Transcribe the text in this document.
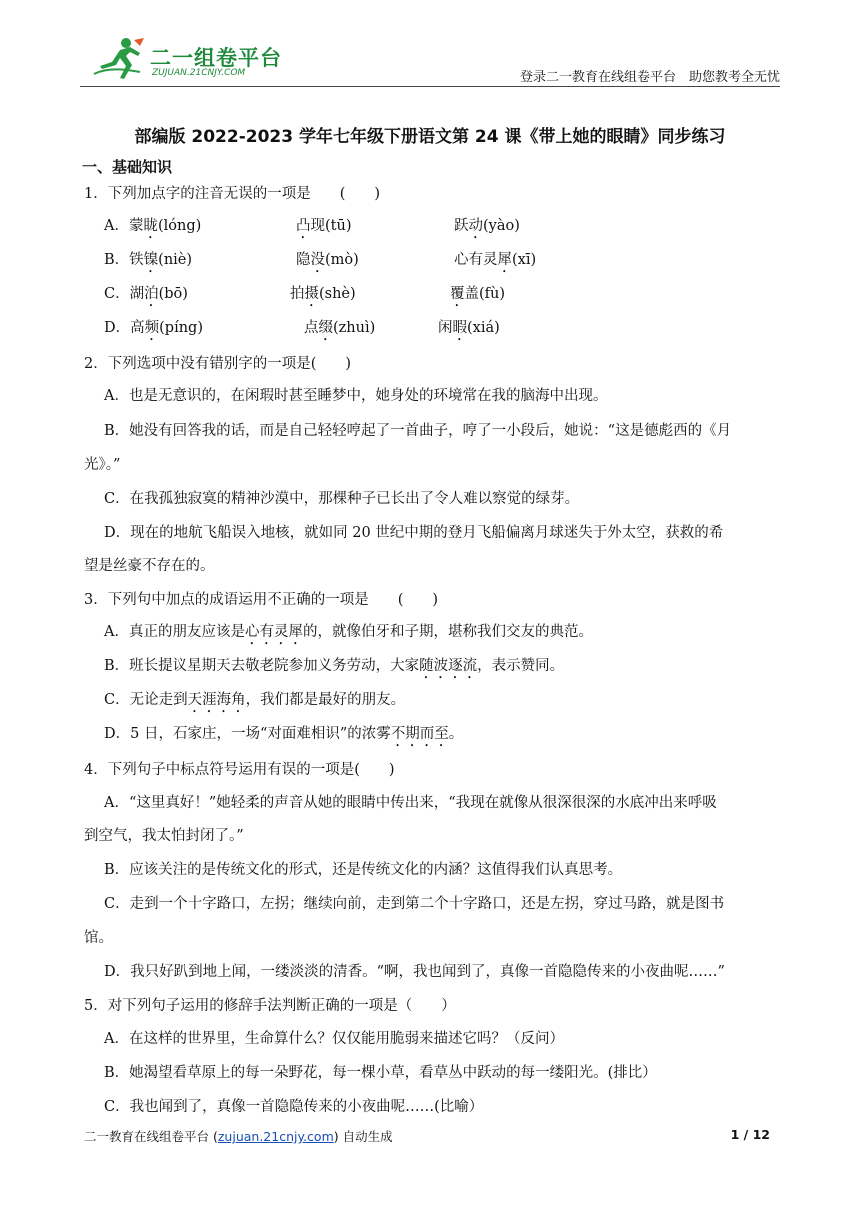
二一组卷平台
ZUJUAN.21CNJY.COM	登录二一教育在线组卷平台　助您教考全无忧
部编版 2022-2023 学年七年级下册语文第 24 课《带上她的眼睛》同步练习
一、基础知识
1．下列加点字的注音无误的一项是　　(　　)
A．蒙眬(lóng)	凸现(tū)	跃动(yào)
B．铁镍(niè)	隐没(mò)	心有灵犀(xī)
C．湖泊(bō)	拍摄(shè)	覆盖(fù)
D．高频(píng)	点缀(zhuì)	闲暇(xiá)
2．下列选项中没有错别字的一项是(　　)
A．也是无意识的，在闲瑕时甚至睡梦中，她身处的环境常在我的脑海中出现。
B．她没有回答我的话，而是自己轻轻哼起了一首曲子，哼了一小段后，她说：“这是德彪西的《月
光》。”
C．在我孤独寂寞的精神沙漠中，那棵种子已长出了令人难以察觉的绿芽。
D．现在的地航飞船误入地核，就如同 20 世纪中期的登月飞船偏离月球迷失于外太空，获救的希
望是丝豪不存在的。
3．下列句中加点的成语运用不正确的一项是　　(　　)
A．真正的朋友应该是心有灵犀的，就像伯牙和子期，堪称我们交友的典范。
B．班长提议星期天去敬老院参加义务劳动，大家随波逐流，表示赞同。
C．无论走到天涯海角，我们都是最好的朋友。
D．5 日，石家庄，一场“对面难相识”的浓雾不期而至。
4．下列句子中标点符号运用有误的一项是(　　)
A．“这里真好！”她轻柔的声音从她的眼睛中传出来，“我现在就像从很深很深的水底冲出来呼吸
到空气，我太怕封闭了。”
B．应该关注的是传统文化的形式，还是传统文化的内涵？这值得我们认真思考。
C．走到一个十字路口，左拐；继续向前，走到第二个十字路口，还是左拐，穿过马路，就是图书
馆。
D．我只好趴到地上闻，一缕淡淡的清香。“啊，我也闻到了，真像一首隐隐传来的小夜曲呢……”
5．对下列句子运用的修辞手法判断正确的一项是（　　）
A．在这样的世界里，生命算什么？仅仅能用脆弱来描述它吗？（反问）
B．她渴望看草原上的每一朵野花，每一棵小草，看草丛中跃动的每一缕阳光。(排比）
C．我也闻到了，真像一首隐隐传来的小夜曲呢……(比喻）
二一教育在线组卷平台 (zujuan.21cnjy.com) 自动生成	1 / 12
